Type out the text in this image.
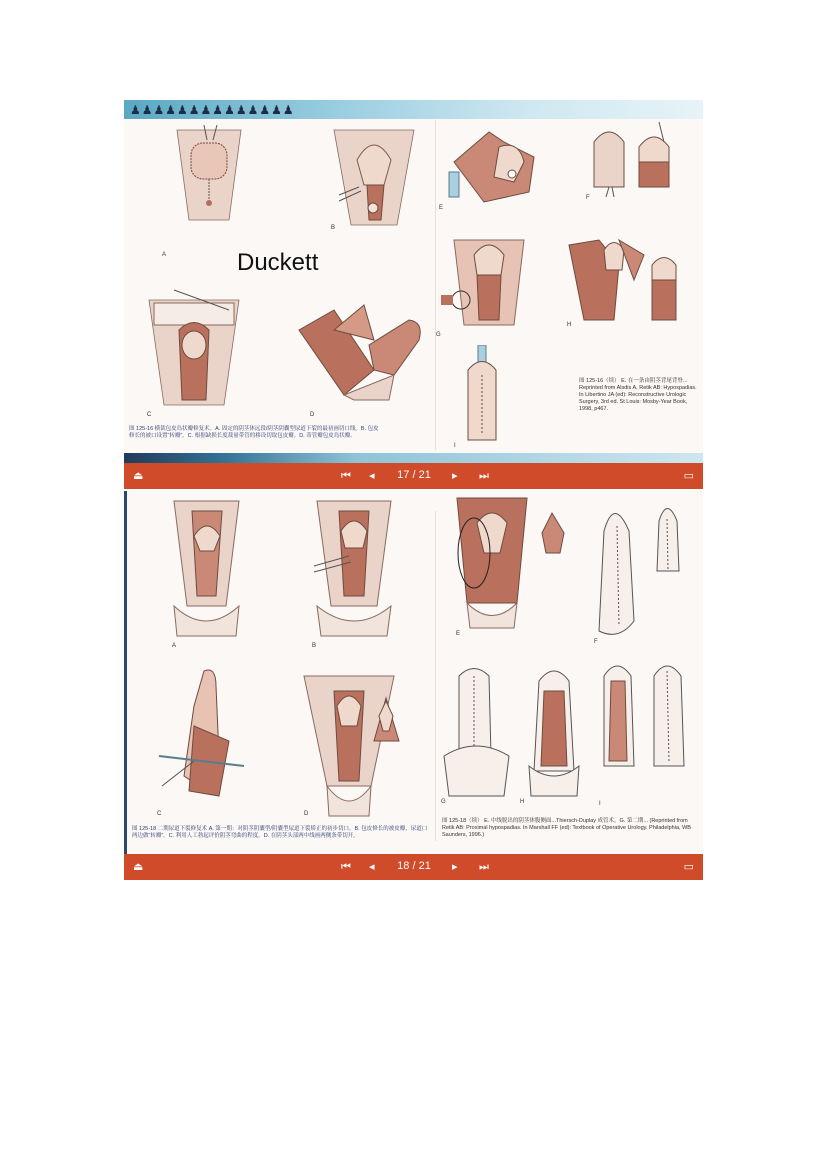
♟♟♟♟♟♟♟♟♟♟♟♟♟♟
A
B
Duckett
C	D
E
F
G
H
I
图 125-16 横裁包皮岛状瓣修复术。A. 固定的阴茎体远段/阴茎阴囊型尿道下裂的最初画切口线。B. 包皮修长的被口设置“转瓣”。C. 根据缺损长度裁量带管的移设切取包皮瓣。D. 蒂管瓣包皮岛状瓣。
图 125-16（续） E. 在一条由阴茎背尾背脊... Reprinted from Alsdis A, Retik AB: Hypospadias. In Libertino JA (ed): Reconstructive Urologic Surgery, 3rd ed. St Louis: Mosby-Year Book, 1998, p467.
⏏	⏮ ◂	17 / 21	▸ ⏭	▭
A	B
C	D
E
F
G	H	I
图 125-18 二期尿道下裂修复术 A. 第一期：对阴茎阴囊型/阴囊型尿道下裂矫正的初步切口。B. 包皮修长的被皮瓣，尿道口两边做“转瓣”。C. 利用人工勃起评价阴茎弯曲的程度。D. 在阴茎头部两中线画两侧条带切开。
图 125-18（续） E. 中线脱出的阴茎体腹侧面...Thiersch-Duplay 成管术。G. 第二期... (Reprinted from Retik AB: Proximal hypospadias. In Marshall FF (ed): Textbook of Operative Urology. Philadelphia, WB Saunders, 1996.)
⏏	⏮ ◂	18 / 21	▸ ⏭	▭
